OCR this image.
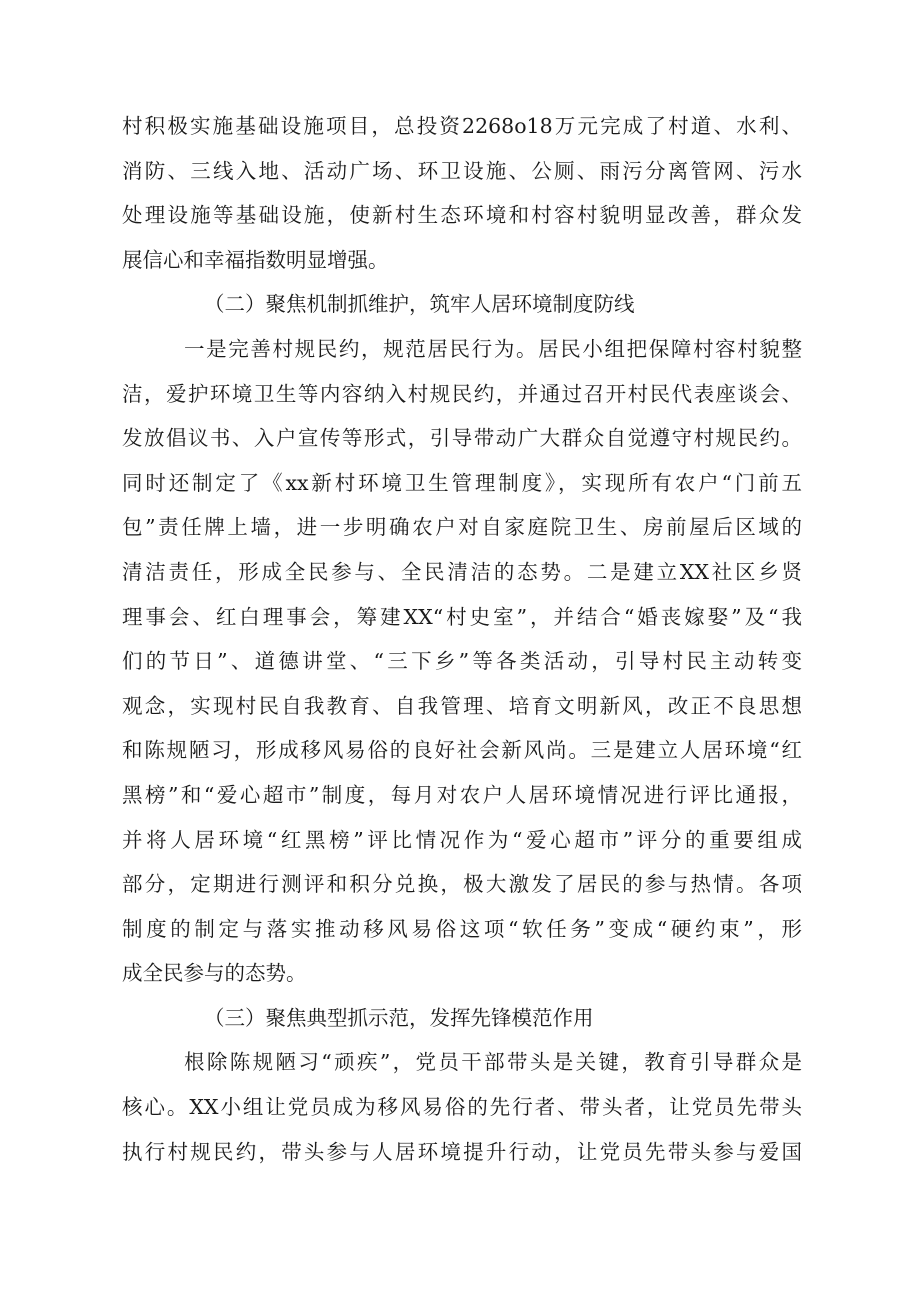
村积极实施基础设施项目，总投资2268o18万元完成了村道、水利、
消防、三线入地、活动广场、环卫设施、公厕、雨污分离管网、污水
处理设施等基础设施，使新村生态环境和村容村貌明显改善，群众发
展信心和幸福指数明显增强。
（二）聚焦机制抓维护，筑牢人居环境制度防线
一是完善村规民约，规范居民行为。居民小组把保障村容村貌整
洁，爱护环境卫生等内容纳入村规民约，并通过召开村民代表座谈会、
发放倡议书、入户宣传等形式，引导带动广大群众自觉遵守村规民约。
同时还制定了《xx新村环境卫生管理制度》，实现所有农户“门前五
包”责任牌上墙，进一步明确农户对自家庭院卫生、房前屋后区域的
清洁责任，形成全民参与、全民清洁的态势。二是建立XX社区乡贤
理事会、红白理事会，筹建XX“村史室”，并结合“婚丧嫁娶”及“我
们的节日”、道德讲堂、“三下乡”等各类活动，引导村民主动转变
观念，实现村民自我教育、自我管理、培育文明新风，改正不良思想
和陈规陋习，形成移风易俗的良好社会新风尚。三是建立人居环境“红
黑榜”和“爱心超市”制度，每月对农户人居环境情况进行评比通报，
并将人居环境“红黑榜”评比情况作为“爱心超市”评分的重要组成
部分，定期进行测评和积分兑换，极大激发了居民的参与热情。各项
制度的制定与落实推动移风易俗这项“软任务”变成“硬约束”，形
成全民参与的态势。
（三）聚焦典型抓示范，发挥先锋模范作用
根除陈规陋习“顽疾”，党员干部带头是关键，教育引导群众是
核心。XX小组让党员成为移风易俗的先行者、带头者，让党员先带头
执行村规民约，带头参与人居环境提升行动，让党员先带头参与爱国
